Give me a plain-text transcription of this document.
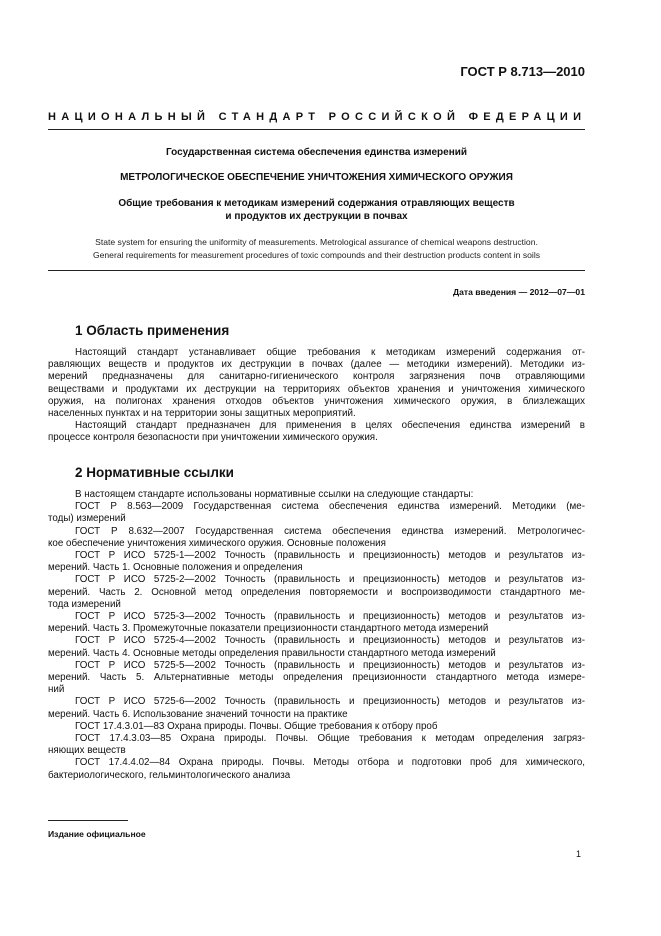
ГОСТ Р 8.713—2010
НАЦИОНАЛЬНЫЙ СТАНДАРТ РОССИЙСКОЙ ФЕДЕРАЦИИ
Государственная система обеспечения единства измерений
МЕТРОЛОГИЧЕСКОЕ ОБЕСПЕЧЕНИЕ УНИЧТОЖЕНИЯ ХИМИЧЕСКОГО ОРУЖИЯ
Общие требования к методикам измерений содержания отравляющих веществ
и продуктов их деструкции в почвах
State system for ensuring the uniformity of measurements. Metrological assurance of chemical weapons destruction.
General requirements for measurement procedures of toxic compounds and their destruction products content in soils
Дата введения — 2012—07—01
1 Область применения
Настоящий стандарт устанавливает общие требования к методикам измерений содержания от-
равляющих веществ и продуктов их деструкции в почвах (далее — методики измерений). Методики из-
мерений предназначены для санитарно-гигиенического контроля загрязнения почв отравляющими
веществами и продуктами их деструкции на территориях объектов хранения и уничтожения химического
оружия, на полигонах хранения отходов объектов уничтожения химического оружия, в близлежащих
населенных пунктах и на территории зоны защитных мероприятий.
Настоящий стандарт предназначен для применения в целях обеспечения единства измерений в
процессе контроля безопасности при уничтожении химического оружия.
2 Нормативные ссылки
В настоящем стандарте использованы нормативные ссылки на следующие стандарты:
ГОСТ Р 8.563—2009 Государственная система обеспечения единства измерений. Методики (ме-
тоды) измерений
ГОСТ Р 8.632—2007 Государственная система обеспечения единства измерений. Метрологичес-
кое обеспечение уничтожения химического оружия. Основные положения
ГОСТ Р ИСО 5725-1—2002 Точность (правильность и прецизионность) методов и результатов из-
мерений. Часть 1. Основные положения и определения
ГОСТ Р ИСО 5725-2—2002 Точность (правильность и прецизионность) методов и результатов из-
мерений. Часть 2. Основной метод определения повторяемости и воспроизводимости стандартного ме-
тода измерений
ГОСТ Р ИСО 5725-3—2002 Точность (правильность и прецизионность) методов и результатов из-
мерений. Часть 3. Промежуточные показатели прецизионности стандартного метода измерений
ГОСТ Р ИСО 5725-4—2002 Точность (правильность и прецизионность) методов и результатов из-
мерений. Часть 4. Основные методы определения правильности стандартного метода измерений
ГОСТ Р ИСО 5725-5—2002 Точность (правильность и прецизионность) методов и результатов из-
мерений. Часть 5. Альтернативные методы определения прецизионности стандартного метода измере-
ний
ГОСТ Р ИСО 5725-6—2002 Точность (правильность и прецизионность) методов и результатов из-
мерений. Часть 6. Использование значений точности на практике
ГОСТ 17.4.3.01—83 Охрана природы. Почвы. Общие требования к отбору проб
ГОСТ 17.4.3.03—85 Охрана природы. Почвы. Общие требования к методам определения загряз-
няющих веществ
ГОСТ 17.4.4.02—84 Охрана природы. Почвы. Методы отбора и подготовки проб для химического,
бактериологического, гельминтологического анализа
Издание официальное
1
